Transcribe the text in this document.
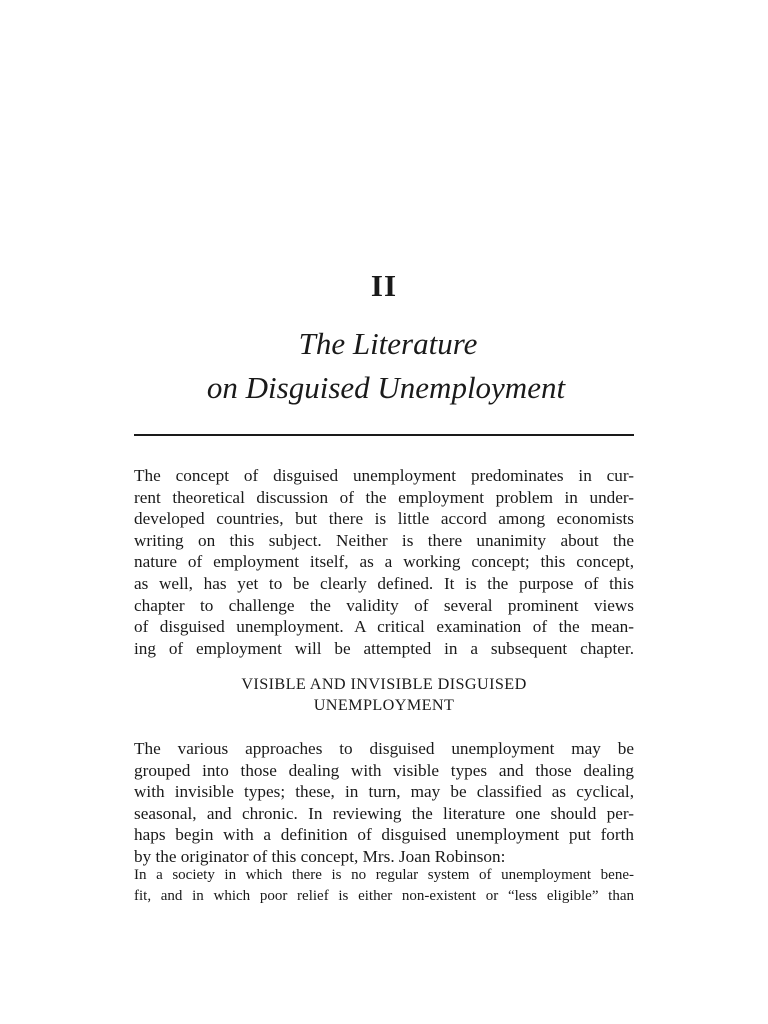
II
The Literature
on Disguised Unemployment

The concept of disguised unemployment predominates in cur-
rent theoretical discussion of the employment problem in under-
developed countries, but there is little accord among economists
writing on this subject. Neither is there unanimity about the
nature of employment itself, as a working concept; this concept,
as well, has yet to be clearly defined. It is the purpose of this
chapter to challenge the validity of several prominent views
of disguised unemployment. A critical examination of the mean-
ing of employment will be attempted in a subsequent chapter.

VISIBLE AND INVISIBLE DISGUISED
UNEMPLOYMENT

The various approaches to disguised unemployment may be
grouped into those dealing with visible types and those dealing
with invisible types; these, in turn, may be classified as cyclical,
seasonal, and chronic. In reviewing the literature one should per-
haps begin with a definition of disguised unemployment put forth
by the originator of this concept, Mrs. Joan Robinson:

In a society in which there is no regular system of unemployment bene-
fit, and in which poor relief is either non-existent or “less eligible” than
